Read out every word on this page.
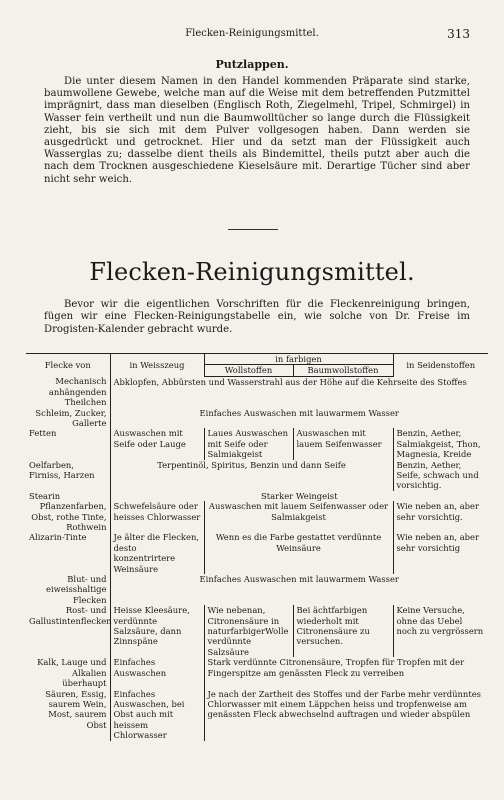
Flecken-Reinigungsmittel.	313
Putzlappen.

Die unter diesem Namen in den Handel kommenden Präparate sind starke, baumwollene Gewebe, welche man auf die Weise mit dem betreffenden Putzmittel imprägnirt, dass man dieselben (Englisch Roth, Ziegelmehl, Tripel, Schmirgel) in Wasser fein vertheilt und nun die Baumwolltücher so lange durch die Flüssigkeit zieht, bis sie sich mit dem Pulver vollgesogen haben. Dann werden sie ausgedrückt und getrocknet. Hier und da setzt man der Flüssigkeit auch Wasserglas zu; dasselbe dient theils als Bindemittel, theils putzt aber auch die nach dem Trocknen ausgeschiedene Kieselsäure mit. Derartige Tücher sind aber nicht sehr weich.

Flecken-Reinigungsmittel.

Bevor wir die eigentlichen Vorschriften für die Fleckenreinigung bringen, fügen wir eine Flecken-Reinigungstabelle ein, wie solche von Dr. Freise im Drogisten-Kalender gebracht wurde.

Flecke von	in Weisszeug	in farbigen		in Seidenstoffen
		Wollstoffen	Baumwollstoffen	
Mechanisch anhängenden Theilchen	Abklopfen, Abbürsten und Wasserstrahl aus der Höhe auf die Kehrseite des Stoffes			
Schleim, Zucker, Gallerte	Einfaches Auswaschen mit lauwarmem Wasser			
Fetten	Auswaschen mit Seife oder Lauge	Laues Auswaschen mit Seife oder Salmiakgeist	Auswaschen mit lauem Seifenwasser	Benzin, Aether, Salmiakgeist, Thon, Magnesia, Kreide
Oelfarben, Firniss, Harzen	Terpentinöl, Spiritus, Benzin und dann Seife			Benzin, Aether, Seife, schwach und vorsichtig.
Stearin	Starker Weingeist			
Pflanzenfarben, Obst, rothe Tinte, Rothwein	Schwefelsäure oder heisses Chlorwasser	Auswaschen mit lauem Seifenwasser oder Salmiakgeist		Wie neben an, aber sehr vorsichtig.
Alizarin-Tinte	Je älter die Flecken, desto konzentrirtere Weinsäure	Wenn es die Farbe gestattet verdünnte Weinsäure		Wie neben an, aber sehr vorsichtig
Blut- und eiweisshaltige Flecken	Einfaches Auswaschen mit lauwarmem Wasser			
Rost- und Gallustintenflecken	Heisse Kleesäure, verdünnte Salzsäure, dann Zinnspäne	Wie nebenan, Citronensäure in naturfarbigerWolle verdünnte Salzsäure	Bei ächtfarbigen wiederholt mit Citronensäure zu versuchen.	Keine Versuche, ohne das Uebel noch zu vergrössern
Kalk, Lauge und Alkalien überhaupt	Einfaches Auswaschen	Stark verdünnte Citronensäure, Tropfen für Tropfen mit der Fingerspitze am genässten Fleck zu verreiben		
Säuren, Essig, saurem Wein, Most, saurem Obst	Einfaches Auswaschen, bei Obst auch mit heissem Chlorwasser	Je nach der Zartheit des Stoffes und der Farbe mehr verdünntes Chlorwasser mit einem Läppchen heiss und tropfenweise am genässten Fleck abwechselnd auftragen und wieder abspülen		
